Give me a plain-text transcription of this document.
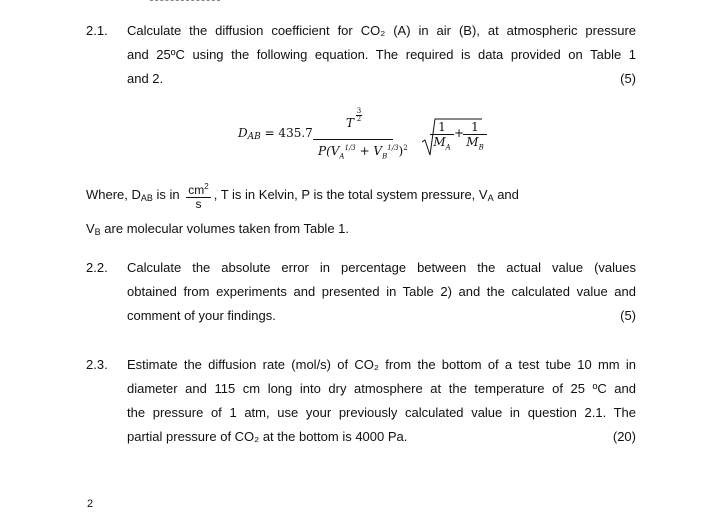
2.1.	Calculate the diffusion coefficient for CO₂ (A) in air (B), at atmospheric pressure
and 25ºC using the following equation. The required is data provided on Table 1
and 2.	(5)
$D_{AB} = 435.7$
T $\frac{3}{2}$
$P(V_A^{1/3} + V_B^{1/3})^2$
1
$M_A$
+ 1
$M_B$
Where, $D_{AB}$ is in $\frac{cm^2}{s}$ , T is in Kelvin, P is the total system pressure, $V_A$ and
$V_B$ are molecular volumes taken from Table 1.
2.2.	Calculate the absolute error in percentage between the actual value (values
obtained from experiments and presented in Table 2) and the calculated value and
comment of your findings.	(5)
2.3.	Estimate the diffusion rate (mol/s) of CO₂ from the bottom of a test tube 10 mm in
diameter and 115 cm long into dry atmosphere at the temperature of 25 ºC and
the pressure of 1 atm, use your previously calculated value in question 2.1. The
partial pressure of CO₂ at the bottom is 4000 Pa.	(20)
2
